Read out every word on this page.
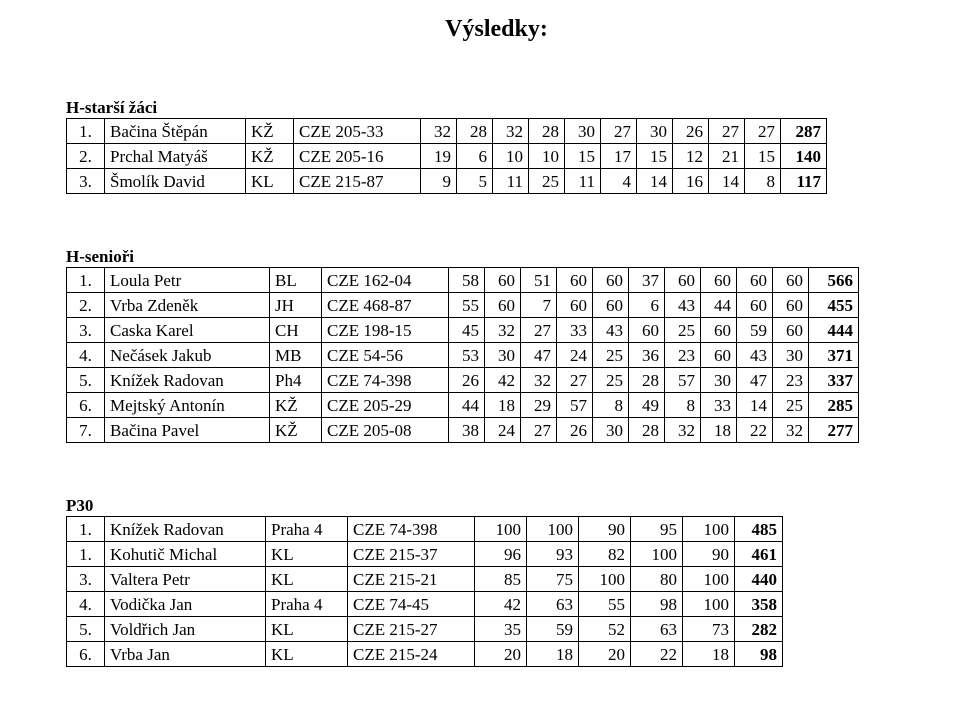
Výsledky:
H-starší žáci
1.	Bačina Štěpán	KŽ	CZE 205-33	32	28	32	28	30	27	30	26	27	27	287
2.	Prchal Matyáš	KŽ	CZE 205-16	19	6	10	10	15	17	15	12	21	15	140
3.	Šmolík David	KL	CZE 215-87	9	5	11	25	11	4	14	16	14	8	117
H-senioři
1.	Loula Petr	BL	CZE 162-04	58	60	51	60	60	37	60	60	60	60	566
2.	Vrba Zdeněk	JH	CZE 468-87	55	60	7	60	60	6	43	44	60	60	455
3.	Caska Karel	CH	CZE 198-15	45	32	27	33	43	60	25	60	59	60	444
4.	Nečásek Jakub	MB	CZE 54-56	53	30	47	24	25	36	23	60	43	30	371
5.	Knížek Radovan	Ph4	CZE 74-398	26	42	32	27	25	28	57	30	47	23	337
6.	Mejtský Antonín	KŽ	CZE 205-29	44	18	29	57	8	49	8	33	14	25	285
7.	Bačina Pavel	KŽ	CZE 205-08	38	24	27	26	30	28	32	18	22	32	277
P30
1.	Knížek Radovan	Praha 4	CZE 74-398	100	100	90	95	100	485
1.	Kohutič Michal	KL	CZE 215-37	96	93	82	100	90	461
3.	Valtera Petr	KL	CZE 215-21	85	75	100	80	100	440
4.	Vodička Jan	Praha 4	CZE 74-45	42	63	55	98	100	358
5.	Voldřich Jan	KL	CZE 215-27	35	59	52	63	73	282
6.	Vrba Jan	KL	CZE 215-24	20	18	20	22	18	98
